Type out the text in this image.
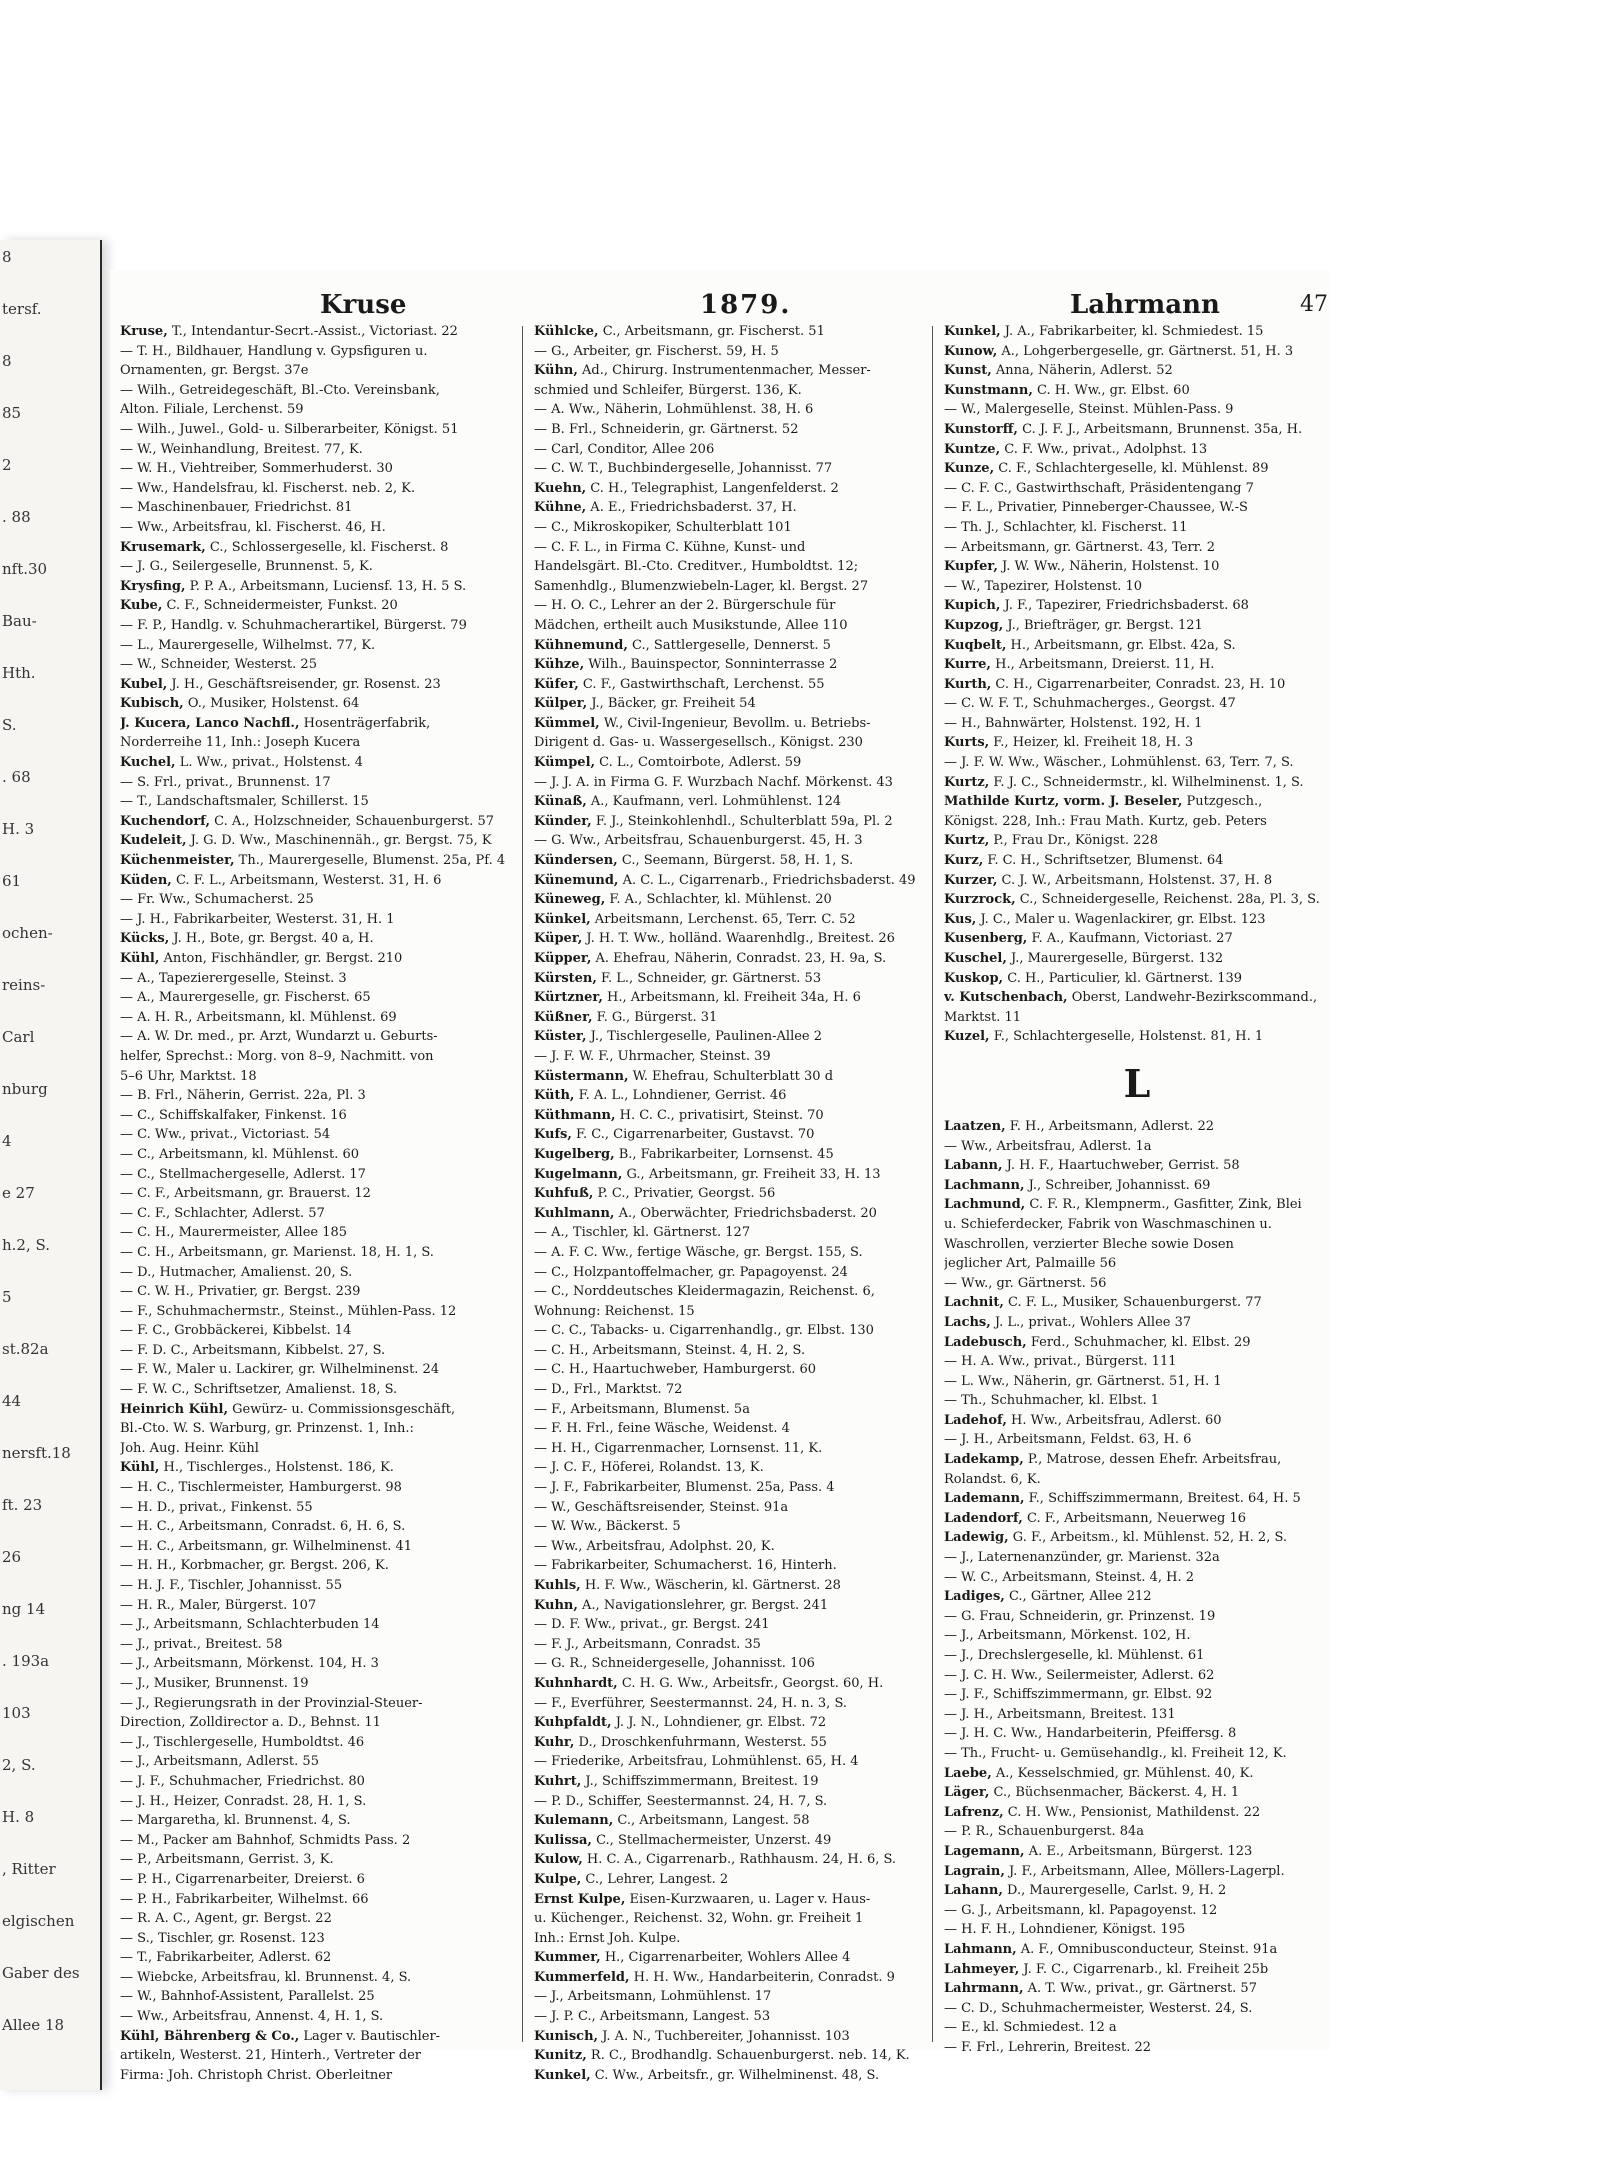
8
tersf.
8
85
2
. 88
nft.30
Bau-
Hth.
S.
. 68
H. 3
61
ochen-
reins-
Carl
nburg
4
e 27
h.2, S.
5
st.82a
44
nersft.18
ft. 23
26
ng 14
. 193a
103
2, S.
H. 8
, Ritter
elgischen
Gaber des
Allee 18
Kruse	1879.	Lahrmann	47
Kruse, T., Intendantur-Secrt.-Assist., Victoriast. 22
— T. H., Bildhauer, Handlung v. Gypsfiguren u.
Ornamenten, gr. Bergst. 37e
— Wilh., Getreidegeschäft, Bl.-Cto. Vereinsbank,
Alton. Filiale, Lerchenst. 59
— Wilh., Juwel., Gold- u. Silberarbeiter, Königst. 51
— W., Weinhandlung, Breitest. 77, K.
— W. H., Viehtreiber, Sommerhuderst. 30
— Ww., Handelsfrau, kl. Fischerst. neb. 2, K.
— Maschinenbauer, Friedrichst. 81
— Ww., Arbeitsfrau, kl. Fischerst. 46, H.
Krusemark, C., Schlossergeselle, kl. Fischerst. 8
— J. G., Seilergeselle, Brunnenst. 5, K.
Krysfing, P. P. A., Arbeitsmann, Luciensf. 13, H. 5 S.
Kube, C. F., Schneidermeister, Funkst. 20
— F. P., Handlg. v. Schuhmacherartikel, Bürgerst. 79
— L., Maurergeselle, Wilhelmst. 77, K.
— W., Schneider, Westerst. 25
Kubel, J. H., Geschäftsreisender, gr. Rosenst. 23
Kubisch, O., Musiker, Holstenst. 64
J. Kucera, Lanco Nachfl., Hosenträgerfabrik,
Norderreihe 11, Inh.: Joseph Kucera
Kuchel, L. Ww., privat., Holstenst. 4
— S. Frl., privat., Brunnenst. 17
— T., Landschaftsmaler, Schillerst. 15
Kuchendorf, C. A., Holzschneider, Schauenburgerst. 57
Kudeleit, J. G. D. Ww., Maschinennäh., gr. Bergst. 75, K
Küchenmeister, Th., Maurergeselle, Blumenst. 25a, Pf. 4
Küden, C. F. L., Arbeitsmann, Westerst. 31, H. 6
— Fr. Ww., Schumacherst. 25
— J. H., Fabrikarbeiter, Westerst. 31, H. 1
Kücks, J. H., Bote, gr. Bergst. 40 a, H.
Kühl, Anton, Fischhändler, gr. Bergst. 210
— A., Tapezierergeselle, Steinst. 3
— A., Maurergeselle, gr. Fischerst. 65
— A. H. R., Arbeitsmann, kl. Mühlenst. 69
— A. W. Dr. med., pr. Arzt, Wundarzt u. Geburts-
helfer, Sprechst.: Morg. von 8–9, Nachmitt. von
5–6 Uhr, Marktst. 18
— B. Frl., Näherin, Gerrist. 22a, Pl. 3
— C., Schiffskalfaker, Finkenst. 16
— C. Ww., privat., Victoriast. 54
— C., Arbeitsmann, kl. Mühlenst. 60
— C., Stellmachergeselle, Adlerst. 17
— C. F., Arbeitsmann, gr. Brauerst. 12
— C. F., Schlachter, Adlerst. 57
— C. H., Maurermeister, Allee 185
— C. H., Arbeitsmann, gr. Marienst. 18, H. 1, S.
— D., Hutmacher, Amalienst. 20, S.
— C. W. H., Privatier, gr. Bergst. 239
— F., Schuhmachermstr., Steinst., Mühlen-Pass. 12
— F. C., Grobbäckerei, Kibbelst. 14
— F. D. C., Arbeitsmann, Kibbelst. 27, S.
— F. W., Maler u. Lackirer, gr. Wilhelminenst. 24
— F. W. C., Schriftsetzer, Amalienst. 18, S.
Heinrich Kühl, Gewürz- u. Commissionsgeschäft,
Bl.-Cto. W. S. Warburg, gr. Prinzenst. 1, Inh.:
Joh. Aug. Heinr. Kühl
Kühl, H., Tischlerges., Holstenst. 186, K.
— H. C., Tischlermeister, Hamburgerst. 98
— H. D., privat., Finkenst. 55
— H. C., Arbeitsmann, Conradst. 6, H. 6, S.
— H. C., Arbeitsmann, gr. Wilhelminenst. 41
— H. H., Korbmacher, gr. Bergst. 206, K.
— H. J. F., Tischler, Johannisst. 55
— H. R., Maler, Bürgerst. 107
— J., Arbeitsmann, Schlachterbuden 14
— J., privat., Breitest. 58
— J., Arbeitsmann, Mörkenst. 104, H. 3
— J., Musiker, Brunnenst. 19
— J., Regierungsrath in der Provinzial-Steuer-
Direction, Zolldirector a. D., Behnst. 11
— J., Tischlergeselle, Humboldtst. 46
— J., Arbeitsmann, Adlerst. 55
— J. F., Schuhmacher, Friedrichst. 80
— J. H., Heizer, Conradst. 28, H. 1, S.
— Margaretha, kl. Brunnenst. 4, S.
— M., Packer am Bahnhof, Schmidts Pass. 2
— P., Arbeitsmann, Gerrist. 3, K.
— P. H., Cigarrenarbeiter, Dreierst. 6
— P. H., Fabrikarbeiter, Wilhelmst. 66
— R. A. C., Agent, gr. Bergst. 22
— S., Tischler, gr. Rosenst. 123
— T., Fabrikarbeiter, Adlerst. 62
— Wiebcke, Arbeitsfrau, kl. Brunnenst. 4, S.
— W., Bahnhof-Assistent, Parallelst. 25
— Ww., Arbeitsfrau, Annenst. 4, H. 1, S.
Kühl, Bährenberg & Co., Lager v. Bautischler-
artikeln, Westerst. 21, Hinterh., Vertreter der
Firma: Joh. Christoph Christ. Oberleitner
Kühlcke, C., Arbeitsmann, gr. Fischerst. 51
— G., Arbeiter, gr. Fischerst. 59, H. 5
Kühn, Ad., Chirurg. Instrumentenmacher, Messer-
schmied und Schleifer, Bürgerst. 136, K.
— A. Ww., Näherin, Lohmühlenst. 38, H. 6
— B. Frl., Schneiderin, gr. Gärtnerst. 52
— Carl, Conditor, Allee 206
— C. W. T., Buchbindergeselle, Johannisst. 77
Kuehn, C. H., Telegraphist, Langenfelderst. 2
Kühne, A. E., Friedrichsbaderst. 37, H.
— C., Mikroskopiker, Schulterblatt 101
— C. F. L., in Firma C. Kühne, Kunst- und
Handelsgärt. Bl.-Cto. Creditver., Humboldtst. 12;
Samenhdlg., Blumenzwiebeln-Lager, kl. Bergst. 27
— H. O. C., Lehrer an der 2. Bürgerschule für
Mädchen, ertheilt auch Musikstunde, Allee 110
Kühnemund, C., Sattlergeselle, Dennerst. 5
Kühze, Wilh., Bauinspector, Sonninterrasse 2
Küfer, C. F., Gastwirthschaft, Lerchenst. 55
Külper, J., Bäcker, gr. Freiheit 54
Kümmel, W., Civil-Ingenieur, Bevollm. u. Betriebs-
Dirigent d. Gas- u. Wassergesellsch., Königst. 230
Kümpel, C. L., Comtoirbote, Adlerst. 59
— J. J. A. in Firma G. F. Wurzbach Nachf. Mörkenst. 43
Künaß, A., Kaufmann, verl. Lohmühlenst. 124
Künder, F. J., Steinkohlenhdl., Schulterblatt 59a, Pl. 2
— G. Ww., Arbeitsfrau, Schauenburgerst. 45, H. 3
Kündersen, C., Seemann, Bürgerst. 58, H. 1, S.
Künemund, A. C. L., Cigarrenarb., Friedrichsbaderst. 49
Küneweg, F. A., Schlachter, kl. Mühlenst. 20
Künkel, Arbeitsmann, Lerchenst. 65, Terr. C. 52
Küper, J. H. T. Ww., holländ. Waarenhdlg., Breitest. 26
Küpper, A. Ehefrau, Näherin, Conradst. 23, H. 9a, S.
Kürsten, F. L., Schneider, gr. Gärtnerst. 53
Kürtzner, H., Arbeitsmann, kl. Freiheit 34a, H. 6
Küßner, F. G., Bürgerst. 31
Küster, J., Tischlergeselle, Paulinen-Allee 2
— J. F. W. F., Uhrmacher, Steinst. 39
Küstermann, W. Ehefrau, Schulterblatt 30 d
Küth, F. A. L., Lohndiener, Gerrist. 46
Küthmann, H. C. C., privatisirt, Steinst. 70
Kufs, F. C., Cigarrenarbeiter, Gustavst. 70
Kugelberg, B., Fabrikarbeiter, Lornsenst. 45
Kugelmann, G., Arbeitsmann, gr. Freiheit 33, H. 13
Kuhfuß, P. C., Privatier, Georgst. 56
Kuhlmann, A., Oberwächter, Friedrichsbaderst. 20
— A., Tischler, kl. Gärtnerst. 127
— A. F. C. Ww., fertige Wäsche, gr. Bergst. 155, S.
— C., Holzpantoffelmacher, gr. Papagoyenst. 24
— C., Norddeutsches Kleidermagazin, Reichenst. 6,
Wohnung: Reichenst. 15
— C. C., Tabacks- u. Cigarrenhandlg., gr. Elbst. 130
— C. H., Arbeitsmann, Steinst. 4, H. 2, S.
— C. H., Haartuchweber, Hamburgerst. 60
— D., Frl., Marktst. 72
— F., Arbeitsmann, Blumenst. 5a
— F. H. Frl., feine Wäsche, Weidenst. 4
— H. H., Cigarrenmacher, Lornsenst. 11, K.
— J. C. F., Höferei, Rolandst. 13, K.
— J. F., Fabrikarbeiter, Blumenst. 25a, Pass. 4
— W., Geschäftsreisender, Steinst. 91a
— W. Ww., Bäckerst. 5
— Ww., Arbeitsfrau, Adolphst. 20, K.
— Fabrikarbeiter, Schumacherst. 16, Hinterh.
Kuhls, H. F. Ww., Wäscherin, kl. Gärtnerst. 28
Kuhn, A., Navigationslehrer, gr. Bergst. 241
— D. F. Ww., privat., gr. Bergst. 241
— F. J., Arbeitsmann, Conradst. 35
— G. R., Schneidergeselle, Johannisst. 106
Kuhnhardt, C. H. G. Ww., Arbeitsfr., Georgst. 60, H.
— F., Everführer, Seestermannst. 24, H. n. 3, S.
Kuhpfaldt, J. J. N., Lohndiener, gr. Elbst. 72
Kuhr, D., Droschkenfuhrmann, Westerst. 55
— Friederike, Arbeitsfrau, Lohmühlenst. 65, H. 4
Kuhrt, J., Schiffszimmermann, Breitest. 19
— P. D., Schiffer, Seestermannst. 24, H. 7, S.
Kulemann, C., Arbeitsmann, Langest. 58
Kulissa, C., Stellmachermeister, Unzerst. 49
Kulow, H. C. A., Cigarrenarb., Rathhausm. 24, H. 6, S.
Kulpe, C., Lehrer, Langest. 2
Ernst Kulpe, Eisen-Kurzwaaren, u. Lager v. Haus-
u. Küchenger., Reichenst. 32, Wohn. gr. Freiheit 1
Inh.: Ernst Joh. Kulpe.
Kummer, H., Cigarrenarbeiter, Wohlers Allee 4
Kummerfeld, H. H. Ww., Handarbeiterin, Conradst. 9
— J., Arbeitsmann, Lohmühlenst. 17
— J. P. C., Arbeitsmann, Langest. 53
Kunisch, J. A. N., Tuchbereiter, Johannisst. 103
Kunitz, R. C., Brodhandlg. Schauenburgerst. neb. 14, K.
Kunkel, C. Ww., Arbeitsfr., gr. Wilhelminenst. 48, S.
Kunkel, J. A., Fabrikarbeiter, kl. Schmiedest. 15
Kunow, A., Lohgerbergeselle, gr. Gärtnerst. 51, H. 3
Kunst, Anna, Näherin, Adlerst. 52
Kunstmann, C. H. Ww., gr. Elbst. 60
— W., Malergeselle, Steinst. Mühlen-Pass. 9
Kunstorff, C. J. F. J., Arbeitsmann, Brunnenst. 35a, H.
Kuntze, C. F. Ww., privat., Adolphst. 13
Kunze, C. F., Schlachtergeselle, kl. Mühlenst. 89
— C. F. C., Gastwirthschaft, Präsidentengang 7
— F. L., Privatier, Pinneberger-Chaussee, W.-S
— Th. J., Schlachter, kl. Fischerst. 11
— Arbeitsmann, gr. Gärtnerst. 43, Terr. 2
Kupfer, J. W. Ww., Näherin, Holstenst. 10
— W., Tapezirer, Holstenst. 10
Kupich, J. F., Tapezirer, Friedrichsbaderst. 68
Kupzog, J., Briefträger, gr. Bergst. 121
Kuqbelt, H., Arbeitsmann, gr. Elbst. 42a, S.
Kurre, H., Arbeitsmann, Dreierst. 11, H.
Kurth, C. H., Cigarrenarbeiter, Conradst. 23, H. 10
— C. W. F. T., Schuhmacherges., Georgst. 47
— H., Bahnwärter, Holstenst. 192, H. 1
Kurts, F., Heizer, kl. Freiheit 18, H. 3
— J. F. W. Ww., Wäscher., Lohmühlenst. 63, Terr. 7, S.
Kurtz, F. J. C., Schneidermstr., kl. Wilhelminenst. 1, S.
Mathilde Kurtz, vorm. J. Beseler, Putzgesch.,
Königst. 228, Inh.: Frau Math. Kurtz, geb. Peters
Kurtz, P., Frau Dr., Königst. 228
Kurz, F. C. H., Schriftsetzer, Blumenst. 64
Kurzer, C. J. W., Arbeitsmann, Holstenst. 37, H. 8
Kurzrock, C., Schneidergeselle, Reichenst. 28a, Pl. 3, S.
Kus, J. C., Maler u. Wagenlackirer, gr. Elbst. 123
Kusenberg, F. A., Kaufmann, Victoriast. 27
Kuschel, J., Maurergeselle, Bürgerst. 132
Kuskop, C. H., Particulier, kl. Gärtnerst. 139
v. Kutschenbach, Oberst, Landwehr-Bezirkscommand.,
Marktst. 11
Kuzel, F., Schlachtergeselle, Holstenst. 81, H. 1
L
Laatzen, F. H., Arbeitsmann, Adlerst. 22
— Ww., Arbeitsfrau, Adlerst. 1a
Labann, J. H. F., Haartuchweber, Gerrist. 58
Lachmann, J., Schreiber, Johannisst. 69
Lachmund, C. F. R., Klempnerm., Gasfitter, Zink, Blei
u. Schieferdecker, Fabrik von Waschmaschinen u.
Waschrollen, verzierter Bleche sowie Dosen
jeglicher Art, Palmaille 56
— Ww., gr. Gärtnerst. 56
Lachnit, C. F. L., Musiker, Schauenburgerst. 77
Lachs, J. L., privat., Wohlers Allee 37
Ladebusch, Ferd., Schuhmacher, kl. Elbst. 29
— H. A. Ww., privat., Bürgerst. 111
— L. Ww., Näherin, gr. Gärtnerst. 51, H. 1
— Th., Schuhmacher, kl. Elbst. 1
Ladehof, H. Ww., Arbeitsfrau, Adlerst. 60
— J. H., Arbeitsmann, Feldst. 63, H. 6
Ladekamp, P., Matrose, dessen Ehefr. Arbeitsfrau,
Rolandst. 6, K.
Lademann, F., Schiffszimmermann, Breitest. 64, H. 5
Ladendorf, C. F., Arbeitsmann, Neuerweg 16
Ladewig, G. F., Arbeitsm., kl. Mühlenst. 52, H. 2, S.
— J., Laternenanzünder, gr. Marienst. 32a
— W. C., Arbeitsmann, Steinst. 4, H. 2
Ladiges, C., Gärtner, Allee 212
— G. Frau, Schneiderin, gr. Prinzenst. 19
— J., Arbeitsmann, Mörkenst. 102, H.
— J., Drechslergeselle, kl. Mühlenst. 61
— J. C. H. Ww., Seilermeister, Adlerst. 62
— J. F., Schiffszimmermann, gr. Elbst. 92
— J. H., Arbeitsmann, Breitest. 131
— J. H. C. Ww., Handarbeiterin, Pfeiffersg. 8
— Th., Frucht- u. Gemüsehandlg., kl. Freiheit 12, K.
Laebe, A., Kesselschmied, gr. Mühlenst. 40, K.
Läger, C., Büchsenmacher, Bäckerst. 4, H. 1
Lafrenz, C. H. Ww., Pensionist, Mathildenst. 22
— P. R., Schauenburgerst. 84a
Lagemann, A. E., Arbeitsmann, Bürgerst. 123
Lagrain, J. F., Arbeitsmann, Allee, Möllers-Lagerpl.
Lahann, D., Maurergeselle, Carlst. 9, H. 2
— G. J., Arbeitsmann, kl. Papagoyenst. 12
— H. F. H., Lohndiener, Königst. 195
Lahmann, A. F., Omnibusconducteur, Steinst. 91a
Lahmeyer, J. F. C., Cigarrenarb., kl. Freiheit 25b
Lahrmann, A. T. Ww., privat., gr. Gärtnerst. 57
— C. D., Schuhmachermeister, Westerst. 24, S.
— E., kl. Schmiedest. 12 a
— F. Frl., Lehrerin, Breitest. 22
